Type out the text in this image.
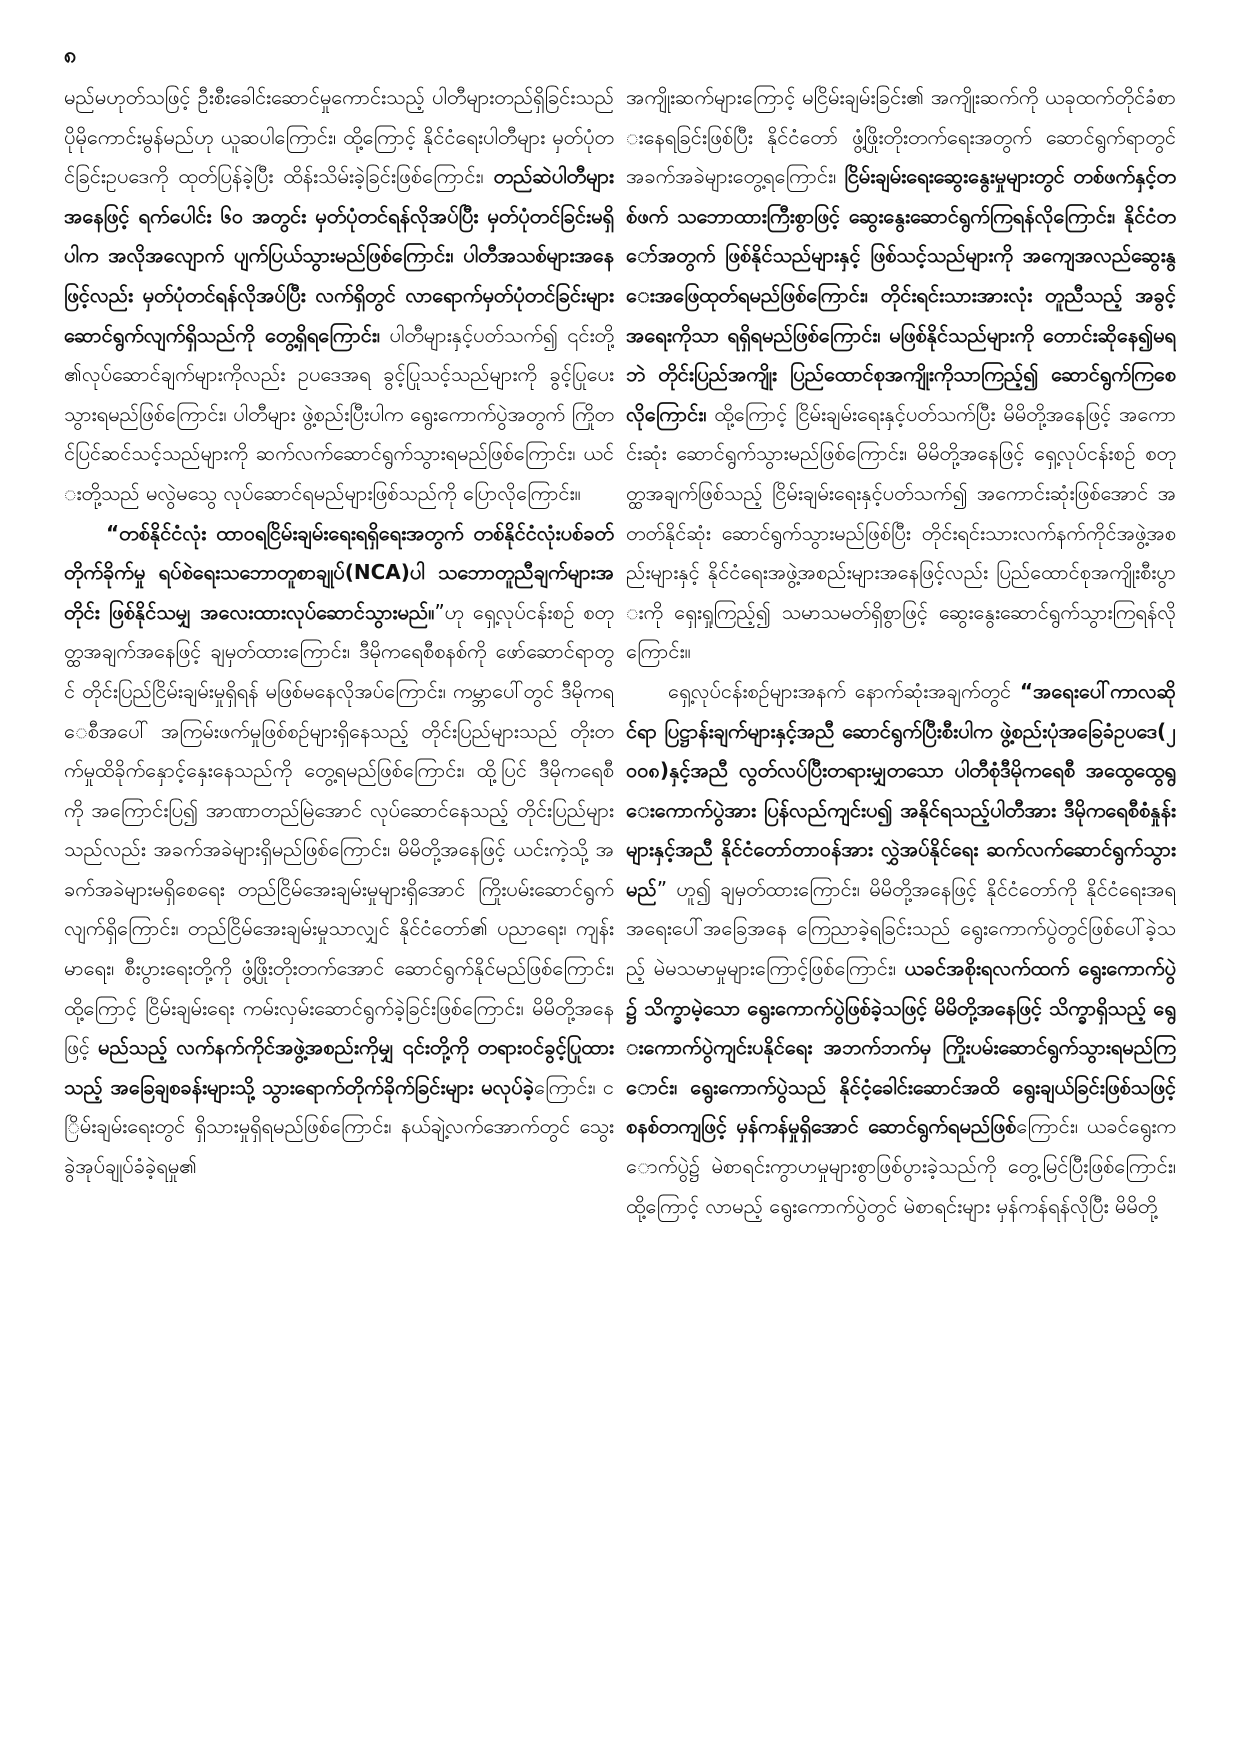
၈

မည်မဟုတ်သဖြင့် ဦးစီးခေါင်းဆောင်မှုကောင်းသည့် ပါတီများတည်ရှိခြင်းသည် ပိုမိုကောင်းမွန်မည်ဟု ယူဆပါကြောင်း၊ ထို့ကြောင့် နိုင်ငံရေးပါတီများ မှတ်ပုံတင်ခြင်းဥပဒေကို ထုတ်ပြန်ခဲ့ပြီး ထိန်းသိမ်းခဲ့ခြင်းဖြစ်ကြောင်း၊ တည်ဆဲပါတီများအနေဖြင့် ရက်ပေါင်း ၆၀ အတွင်း မှတ်ပုံတင်ရန်လိုအပ်ပြီး မှတ်ပုံတင်ခြင်းမရှိပါက အလိုအလျောက် ပျက်ပြယ်သွားမည်ဖြစ်ကြောင်း၊ ပါတီအသစ်များအနေဖြင့်လည်း မှတ်ပုံတင်ရန်လိုအပ်ပြီး လက်ရှိတွင် လာရောက်မှတ်ပုံတင်ခြင်းများ ဆောင်ရွက်လျက်ရှိသည်ကို တွေ့ရှိရကြောင်း၊ ပါတီများနှင့်ပတ်သက်၍ ၎င်းတို့၏လုပ်ဆောင်ချက်များကိုလည်း ဥပဒေအရ ခွင့်ပြုသင့်သည်များကို ခွင့်ပြုပေးသွားရမည်ဖြစ်ကြောင်း၊ ပါတီများ ဖွဲ့စည်းပြီးပါက ရွေးကောက်ပွဲအတွက် ကြိုတင်ပြင်ဆင်သင့်သည်များကို ဆက်လက်ဆောင်ရွက်သွားရမည်ဖြစ်ကြောင်း၊ ယင်းတို့သည် မလွဲမသွေ လုပ်ဆောင်ရမည်များဖြစ်သည်ကို ပြောလိုကြောင်း။

“တစ်နိုင်ငံလုံး ထာဝရငြိမ်းချမ်းရေးရရှိရေးအတွက် တစ်နိုင်ငံလုံးပစ်ခတ်တိုက်ခိုက်မှု ရပ်စဲရေးသဘောတူစာချုပ်(NCA)ပါ သဘောတူညီချက်များအတိုင်း ဖြစ်နိုင်သမျှ အလေးထားလုပ်ဆောင်သွားမည်။”ဟု ရှေ့လုပ်ငန်းစဉ် စတုတ္ထအချက်အနေဖြင့် ချမှတ်ထားကြောင်း၊ ဒီမိုကရေစီစနစ်ကို ဖော်ဆောင်ရာတွင် တိုင်းပြည်ငြိမ်းချမ်းမှုရှိရန် မဖြစ်မနေလိုအပ်ကြောင်း၊ ကမ္ဘာပေါ်တွင် ဒီမိုကရေစီအပေါ် အကြမ်းဖက်မှုဖြစ်စဉ်များရှိနေသည့် တိုင်းပြည်များသည် တိုးတက်မှုထိခိုက်နှောင့်နှေးနေသည်ကို တွေ့ရမည်ဖြစ်ကြောင်း၊ ထို့ပြင် ဒီမိုကရေစီကို အကြောင်းပြ၍ အာဏာတည်မြဲအောင် လုပ်ဆောင်နေသည့် တိုင်းပြည်များသည်လည်း အခက်အခဲများရှိမည်ဖြစ်ကြောင်း၊ မိမိတို့အနေဖြင့် ယင်းကဲ့သို့ အခက်အခဲများမရှိစေရေး တည်ငြိမ်အေးချမ်းမှုများရှိအောင် ကြိုးပမ်းဆောင်ရွက်လျက်ရှိကြောင်း၊ တည်ငြိမ်အေးချမ်းမှုသာလျှင် နိုင်ငံတော်၏ ပညာရေး၊ ကျန်းမာရေး၊ စီးပွားရေးတို့ကို ဖွံ့ဖြိုးတိုးတက်အောင် ဆောင်ရွက်နိုင်မည်ဖြစ်ကြောင်း၊ ထို့ကြောင့် ငြိမ်းချမ်းရေး ကမ်းလှမ်းဆောင်ရွက်ခဲ့ခြင်းဖြစ်ကြောင်း၊ မိမိတို့အနေဖြင့် မည်သည့် လက်နက်ကိုင်အဖွဲ့အစည်းကိုမျှ ၎င်းတို့ကို တရားဝင်ခွင့်ပြုထားသည့် အခြေချစခန်းများသို့ သွားရောက်တိုက်ခိုက်ခြင်းများ မလုပ်ခဲ့ကြောင်း၊ ငြိမ်းချမ်းရေးတွင် ရှိသားမှုရှိရမည်ဖြစ်ကြောင်း၊ နယ်ချဲ့လက်အောက်တွင် သွေးခွဲအုပ်ချုပ်ခံခဲ့ရမှု၏

အကျိုးဆက်များကြောင့် မငြိမ်းချမ်းခြင်း၏ အကျိုးဆက်ကို ယခုထက်တိုင်ခံစားနေရခြင်းဖြစ်ပြီး နိုင်ငံတော် ဖွံ့ဖြိုးတိုးတက်ရေးအတွက် ဆောင်ရွက်ရာတွင် အခက်အခဲများတွေ့ရကြောင်း၊ ငြိမ်းချမ်းရေးဆွေးနွေးမှုများတွင် တစ်ဖက်နှင့်တစ်ဖက် သဘောထားကြီးစွာဖြင့် ဆွေးနွေးဆောင်ရွက်ကြရန်လိုကြောင်း၊ နိုင်ငံတော်အတွက် ဖြစ်နိုင်သည်များနှင့် ဖြစ်သင့်သည်များကို အကျေအလည်ဆွေးနွေးအဖြေထုတ်ရမည်ဖြစ်ကြောင်း၊ တိုင်းရင်းသားအားလုံး တူညီသည့် အခွင့်အရေးကိုသာ ရရှိရမည်ဖြစ်ကြောင်း၊ မဖြစ်နိုင်သည်များကို တောင်းဆိုနေ၍မရဘဲ တိုင်းပြည်အကျိုး ပြည်ထောင်စုအကျိုးကိုသာကြည့်၍ ဆောင်ရွက်ကြစေလိုကြောင်း၊ ထို့ကြောင့် ငြိမ်းချမ်းရေးနှင့်ပတ်သက်ပြီး မိမိတို့အနေဖြင့် အကောင်းဆုံး ဆောင်ရွက်သွားမည်ဖြစ်ကြောင်း၊ မိမိတို့အနေဖြင့် ရှေ့လုပ်ငန်းစဉ် စတုတ္ထအချက်ဖြစ်သည့် ငြိမ်းချမ်းရေးနှင့်ပတ်သက်၍ အကောင်းဆုံးဖြစ်အောင် အတတ်နိုင်ဆုံး ဆောင်ရွက်သွားမည်ဖြစ်ပြီး တိုင်းရင်းသားလက်နက်ကိုင်အဖွဲ့အစည်းများနှင့် နိုင်ငံရေးအဖွဲ့အစည်းများအနေဖြင့်လည်း ပြည်ထောင်စုအကျိုးစီးပွားကို ရှေးရှုကြည့်၍ သမာသမတ်ရှိစွာဖြင့် ဆွေးနွေးဆောင်ရွက်သွားကြရန်လိုကြောင်း။

ရှေ့လုပ်ငန်းစဉ်များအနက် နောက်ဆုံးအချက်တွင် “အရေးပေါ်ကာလဆိုင်ရာ ပြဋ္ဌာန်းချက်များနှင့်အညီ ဆောင်ရွက်ပြီးစီးပါက ဖွဲ့စည်းပုံအခြေခံဥပဒေ(၂၀၀၈)နှင့်အညီ လွတ်လပ်ပြီးတရားမျှတသော ပါတီစုံဒီမိုကရေစီ အထွေထွေရွေးကောက်ပွဲအား ပြန်လည်ကျင်းပ၍ အနိုင်ရသည့်ပါတီအား ဒီမိုကရေစီစံနှုန်းများနှင့်အညီ နိုင်ငံတော်တာဝန်အား လွှဲအပ်နိုင်ရေး ဆက်လက်ဆောင်ရွက်သွားမည်” ဟူ၍ ချမှတ်ထားကြောင်း၊ မိမိတို့အနေဖြင့် နိုင်ငံတော်ကို နိုင်ငံရေးအရအရေးပေါ်အခြေအနေ ကြေညာခဲ့ရခြင်းသည် ရွေးကောက်ပွဲတွင်ဖြစ်ပေါ်ခဲ့သည့် မဲမသမာမှုများကြောင့်ဖြစ်ကြောင်း၊ ယခင်အစိုးရလက်ထက် ရွေးကောက်ပွဲ၌ သိက္ခာမဲ့သော ရွေးကောက်ပွဲဖြစ်ခဲ့သဖြင့် မိမိတို့အနေဖြင့် သိက္ခာရှိသည့် ရွေးကောက်ပွဲကျင်းပနိုင်ရေး အဘက်ဘက်မှ ကြိုးပမ်းဆောင်ရွက်သွားရမည်ကြောင်း၊ ရွေးကောက်ပွဲသည် နိုင်ငံ့ခေါင်းဆောင်အထိ ရွေးချယ်ခြင်းဖြစ်သဖြင့် စနစ်တကျဖြင့် မှန်ကန်မှုရှိအောင် ဆောင်ရွက်ရမည်ဖြစ်ကြောင်း၊ ယခင်ရွေးကောက်ပွဲ၌ မဲစာရင်းကွာဟမှုများစွာဖြစ်ပွားခဲ့သည်ကို တွေ့မြင်ပြီးဖြစ်ကြောင်း၊ ထို့ကြောင့် လာမည့် ရွေးကောက်ပွဲတွင် မဲစာရင်းများ မှန်ကန်ရန်လိုပြီး မိမိတို့
